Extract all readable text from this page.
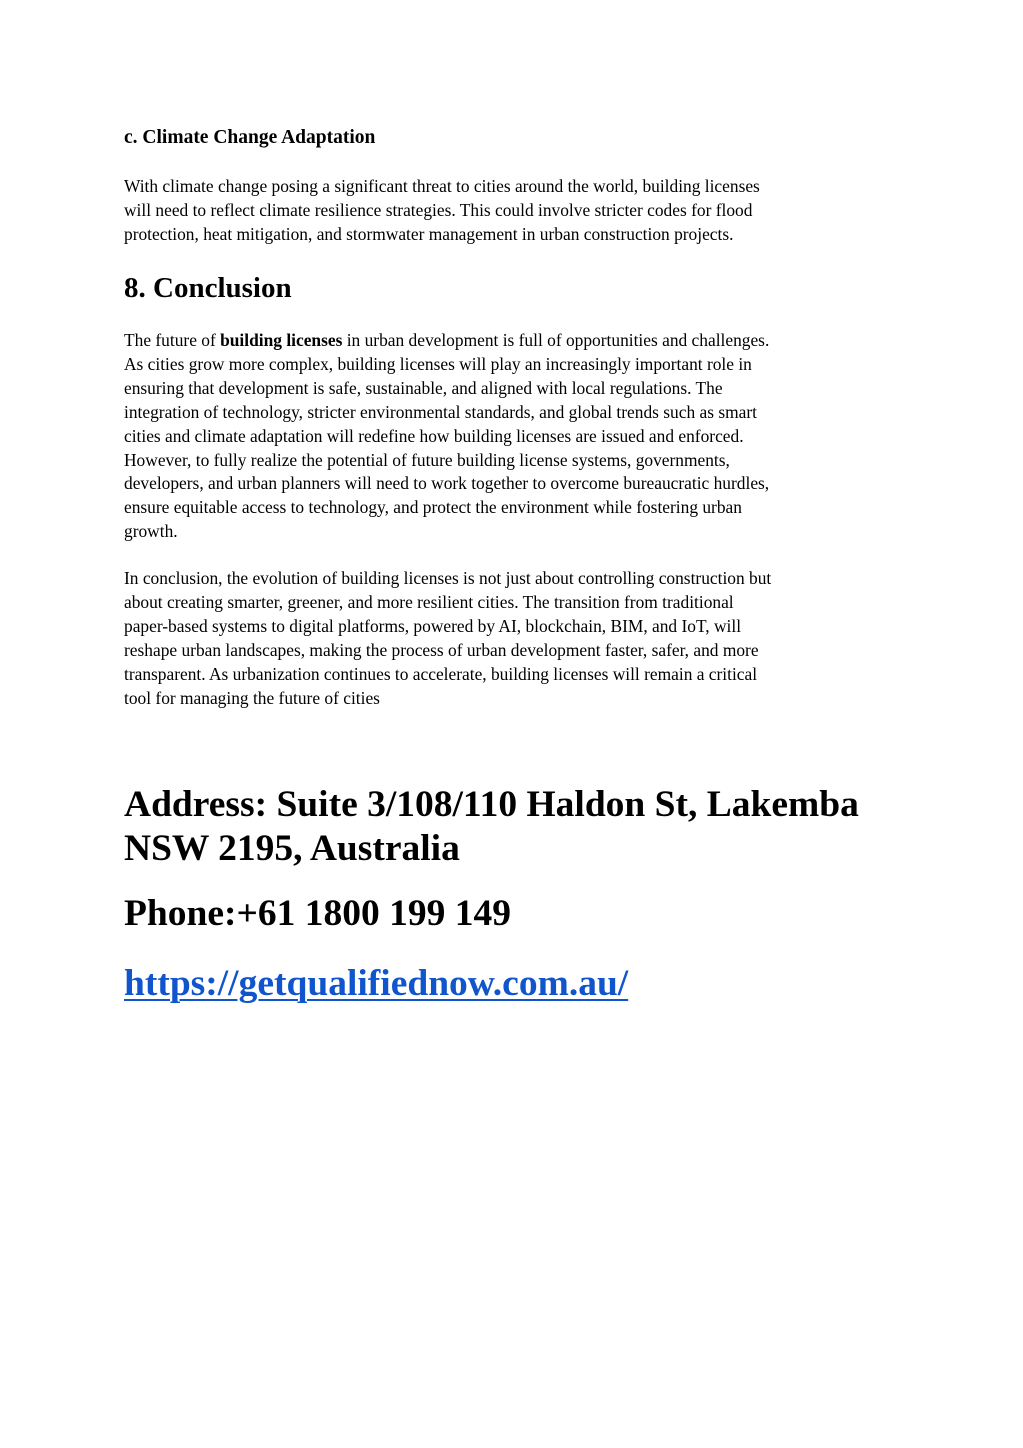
c. Climate Change Adaptation

With climate change posing a significant threat to cities around the world, building licenses
will need to reflect climate resilience strategies. This could involve stricter codes for flood
protection, heat mitigation, and stormwater management in urban construction projects.

8. Conclusion

The future of building licenses in urban development is full of opportunities and challenges.
As cities grow more complex, building licenses will play an increasingly important role in
ensuring that development is safe, sustainable, and aligned with local regulations. The
integration of technology, stricter environmental standards, and global trends such as smart
cities and climate adaptation will redefine how building licenses are issued and enforced.
However, to fully realize the potential of future building license systems, governments,
developers, and urban planners will need to work together to overcome bureaucratic hurdles,
ensure equitable access to technology, and protect the environment while fostering urban
growth.

In conclusion, the evolution of building licenses is not just about controlling construction but
about creating smarter, greener, and more resilient cities. The transition from traditional
paper-based systems to digital platforms, powered by AI, blockchain, BIM, and IoT, will
reshape urban landscapes, making the process of urban development faster, safer, and more
transparent. As urbanization continues to accelerate, building licenses will remain a critical
tool for managing the future of cities

Address: Suite 3/108/110 Haldon St, Lakemba
NSW 2195, Australia
Phone:+61 1800 199 149
https://getqualifiednow.com.au/
